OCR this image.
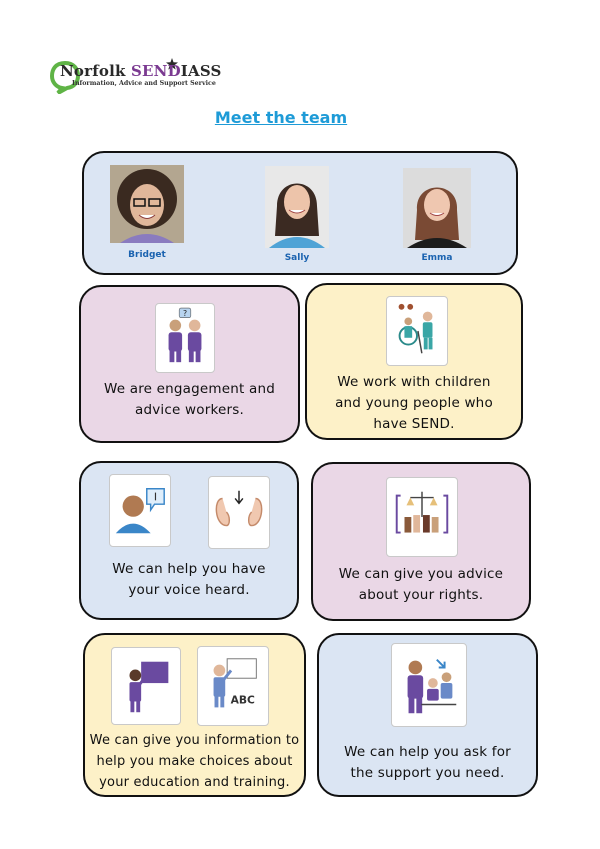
Norfolk SENDIASS
Information, Advice and Support Service
Meet the team
Bridget	Sally	Emma
?
We are engagement and
advice workers.
We work with children
and young people who
have SEND.
We can help you have
your voice heard.
We can give you advice
about your rights.
ABC
We can give you information to
help you make choices about
your education and training.
We can help you ask for
the support you need.
